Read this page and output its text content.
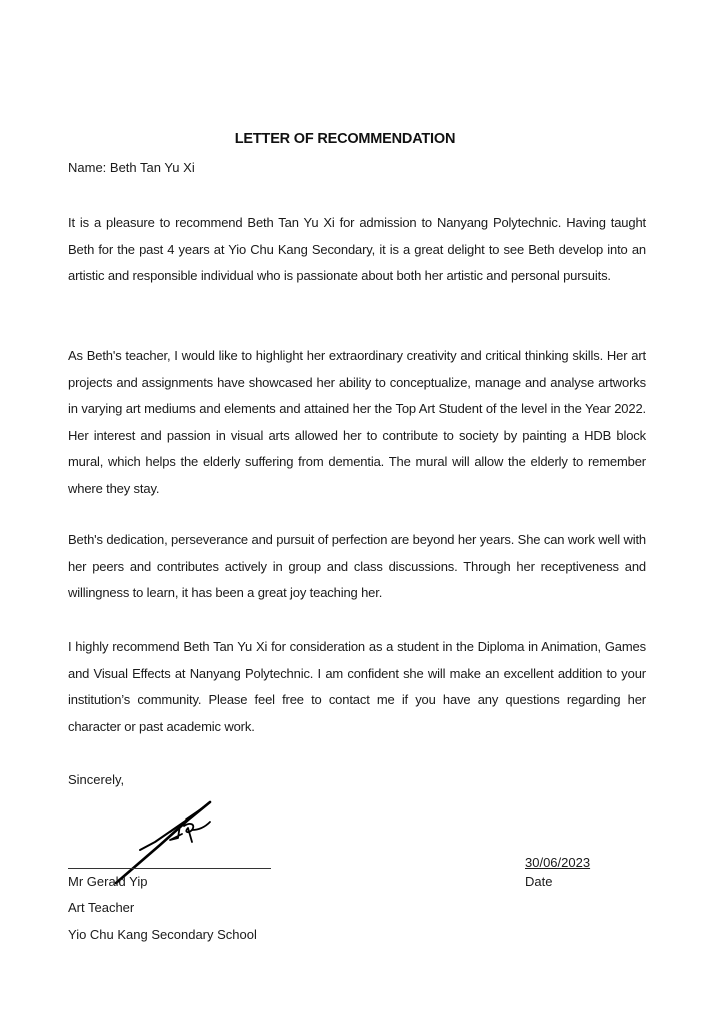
LETTER OF RECOMMENDATION
Name: Beth Tan Yu Xi
It is a pleasure to recommend Beth Tan Yu Xi for admission to Nanyang Polytechnic. Having taught Beth for the past 4 years at Yio Chu Kang Secondary, it is a great delight to see Beth develop into an artistic and responsible individual who is passionate about both her artistic and personal pursuits.
As Beth's teacher, I would like to highlight her extraordinary creativity and critical thinking skills. Her art projects and assignments have showcased her ability to conceptualize, manage and analyse artworks in varying art mediums and elements and attained her the Top Art Student of the level in the Year 2022. Her interest and passion in visual arts allowed her to contribute to society by painting a HDB block mural, which helps the elderly suffering from dementia. The mural will allow the elderly to remember where they stay.
Beth's dedication, perseverance and pursuit of perfection are beyond her years. She can work well with her peers and contributes actively in group and class discussions. Through her receptiveness and willingness to learn, it has been a great joy teaching her.
I highly recommend Beth Tan Yu Xi for consideration as a student in the Diploma in Animation, Games and Visual Effects at Nanyang Polytechnic. I am confident she will make an excellent addition to your institution’s community. Please feel free to contact me if you have any questions regarding her character or past academic work.
Sincerely,
Mr Gerald Yip
Art Teacher
Yio Chu Kang Secondary School
30/06/2023
Date
